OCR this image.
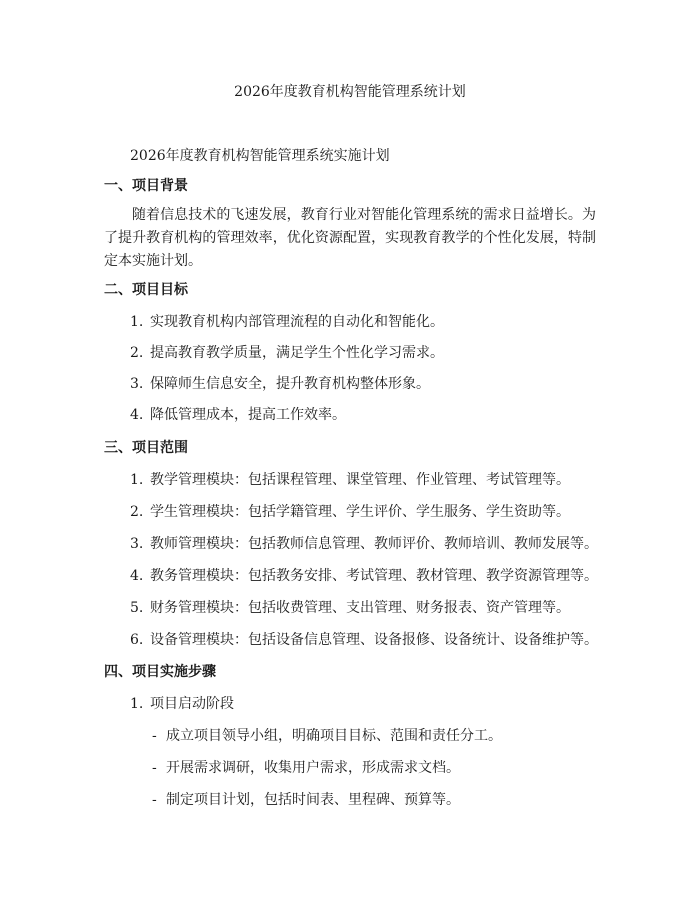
2026年度教育机构智能管理系统计划
2026年度教育机构智能管理系统实施计划
一、项目背景
随着信息技术的飞速发展，教育行业对智能化管理系统的需求日益增长。为了提升教育机构的管理效率，优化资源配置，实现教育教学的个性化发展，特制定本实施计划。
二、项目目标
1. 实现教育机构内部管理流程的自动化和智能化。
2. 提高教育教学质量，满足学生个性化学习需求。
3. 保障师生信息安全，提升教育机构整体形象。
4. 降低管理成本，提高工作效率。
三、项目范围
1. 教学管理模块：包括课程管理、课堂管理、作业管理、考试管理等。
2. 学生管理模块：包括学籍管理、学生评价、学生服务、学生资助等。
3. 教师管理模块：包括教师信息管理、教师评价、教师培训、教师发展等。
4. 教务管理模块：包括教务安排、考试管理、教材管理、教学资源管理等。
5. 财务管理模块：包括收费管理、支出管理、财务报表、资产管理等。
6. 设备管理模块：包括设备信息管理、设备报修、设备统计、设备维护等。
四、项目实施步骤
1. 项目启动阶段
- 成立项目领导小组，明确项目目标、范围和责任分工。
- 开展需求调研，收集用户需求，形成需求文档。
- 制定项目计划，包括时间表、里程碑、预算等。
